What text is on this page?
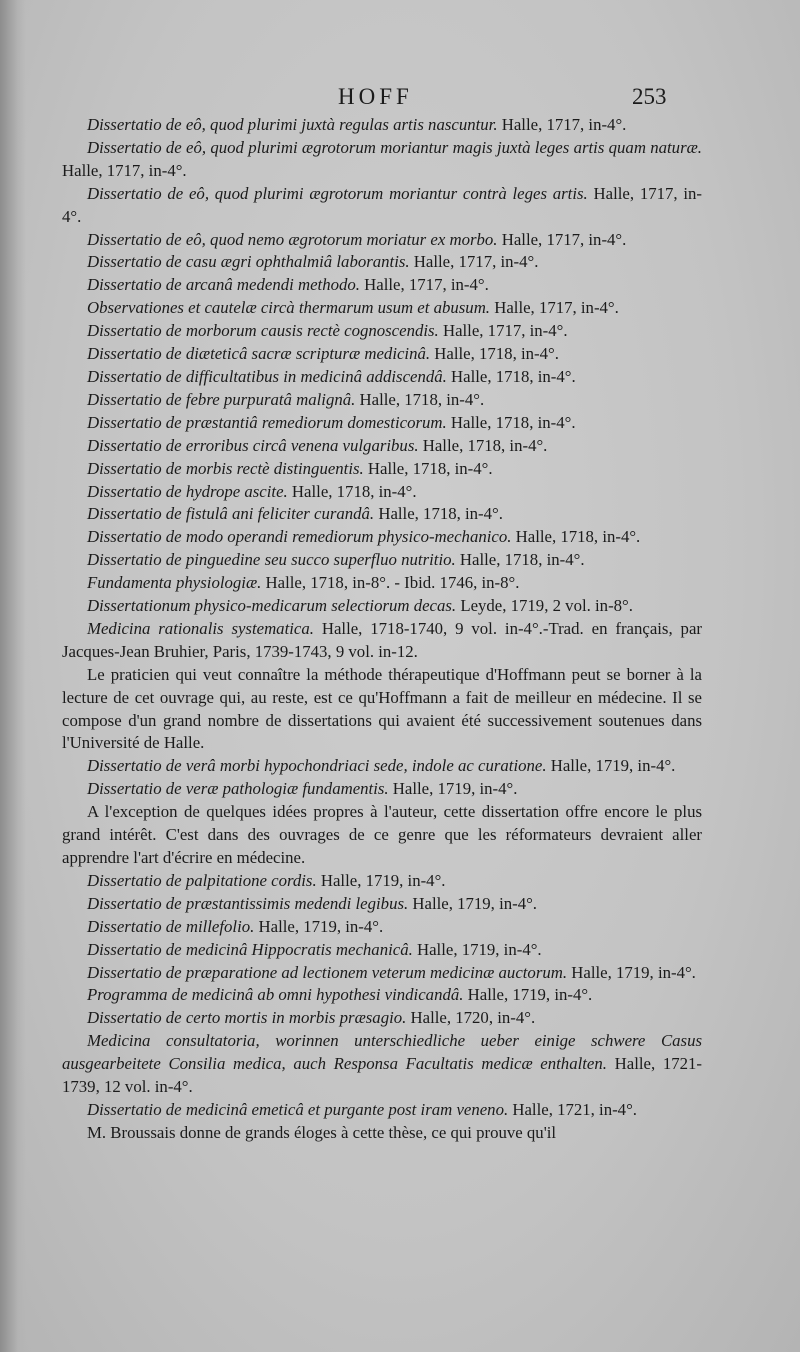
HOFF	253

Dissertatio de eô, quod plurimi juxtà regulas artis nascuntur. Halle, 1717, in-4°.

Dissertatio de eô, quod plurimi ægrotorum moriantur magis juxtà leges artis quam naturæ. Halle, 1717, in-4°.

Dissertatio de eô, quod plurimi ægrotorum moriantur contrà leges artis. Halle, 1717, in-4°.

Dissertatio de eô, quod nemo ægrotorum moriatur ex morbo. Halle, 1717, in-4°.

Dissertatio de casu ægri ophthalmiâ laborantis. Halle, 1717, in-4°.

Dissertatio de arcanâ medendi methodo. Halle, 1717, in-4°.

Observationes et cautelæ circà thermarum usum et abusum. Halle, 1717, in-4°.

Dissertatio de morborum causis rectè cognoscendis. Halle, 1717, in-4°.

Dissertatio de diæteticâ sacræ scripturæ medicinâ. Halle, 1718, in-4°.

Dissertatio de difficultatibus in medicinâ addiscendâ. Halle, 1718, in-4°.

Dissertatio de febre purpuratâ malignâ. Halle, 1718, in-4°.

Dissertatio de præstantiâ remediorum domesticorum. Halle, 1718, in-4°.

Dissertatio de erroribus circâ venena vulgaribus. Halle, 1718, in-4°.

Dissertatio de morbis rectè distinguentis. Halle, 1718, in-4°.

Dissertatio de hydrope ascite. Halle, 1718, in-4°.

Dissertatio de fistulâ ani feliciter curandâ. Halle, 1718, in-4°.

Dissertatio de modo operandi remediorum physico-mechanico. Halle, 1718, in-4°.

Dissertatio de pinguedine seu succo superfluo nutritio. Halle, 1718, in-4°.

Fundamenta physiologiæ. Halle, 1718, in-8°. - Ibid. 1746, in-8°.

Dissertationum physico-medicarum selectiorum decas. Leyde, 1719, 2 vol. in-8°.

Medicina rationalis systematica. Halle, 1718-1740, 9 vol. in-4°.-Trad. en français, par Jacques-Jean Bruhier, Paris, 1739-1743, 9 vol. in-12.

Le praticien qui veut connaître la méthode thérapeutique d'Hoffmann peut se borner à la lecture de cet ouvrage qui, au reste, est ce qu'Hoffmann a fait de meilleur en médecine. Il se compose d'un grand nombre de dissertations qui avaient été successivement soutenues dans l'Université de Halle.

Dissertatio de verâ morbi hypochondriaci sede, indole ac curatione. Halle, 1719, in-4°.

Dissertatio de veræ pathologiæ fundamentis. Halle, 1719, in-4°.

A l'exception de quelques idées propres à l'auteur, cette dissertation offre encore le plus grand intérêt. C'est dans des ouvrages de ce genre que les réformateurs devraient aller apprendre l'art d'écrire en médecine.

Dissertatio de palpitatione cordis. Halle, 1719, in-4°.

Dissertatio de præstantissimis medendi legibus. Halle, 1719, in-4°.

Dissertatio de millefolio. Halle, 1719, in-4°.

Dissertatio de medicinâ Hippocratis mechanicâ. Halle, 1719, in-4°.

Dissertatio de præparatione ad lectionem veterum medicinæ auctorum. Halle, 1719, in-4°.

Programma de medicinâ ab omni hypothesi vindicandâ. Halle, 1719, in-4°.

Dissertatio de certo mortis in morbis præsagio. Halle, 1720, in-4°.

Medicina consultatoria, worinnen unterschiedliche ueber einige schwere Casus ausgearbeitete Consilia medica, auch Responsa Facultatis medicæ enthalten. Halle, 1721-1739, 12 vol. in-4°.

Dissertatio de medicinâ emeticâ et purgante post iram veneno. Halle, 1721, in-4°.

M. Broussais donne de grands éloges à cette thèse, ce qui prouve qu'il
